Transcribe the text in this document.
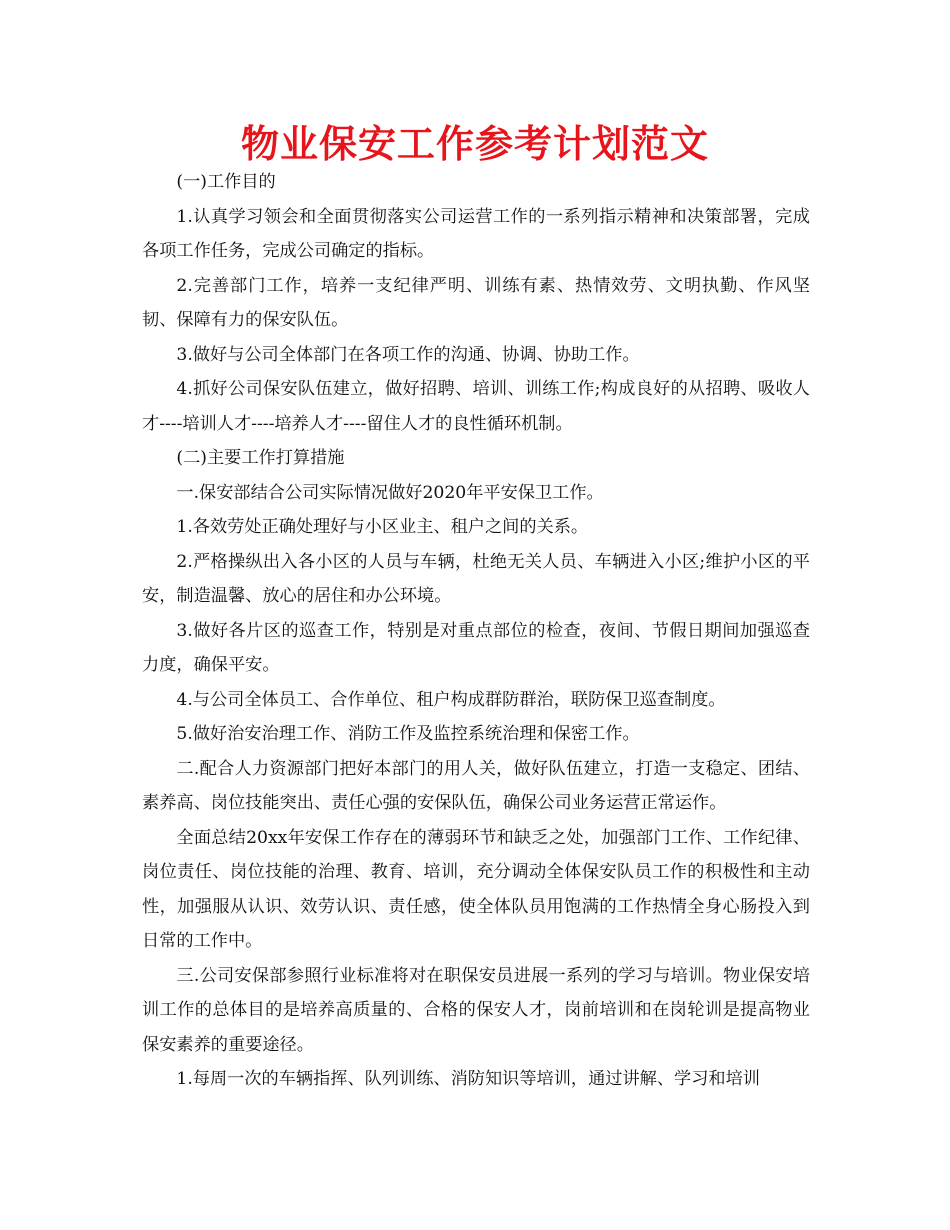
物业保安工作参考计划范文

(一)工作目的

1.认真学习领会和全面贯彻落实公司运营工作的一系列指示精神和决策部署，完成各项工作任务，完成公司确定的指标。

2.完善部门工作，培养一支纪律严明、训练有素、热情效劳、文明执勤、作风坚韧、保障有力的保安队伍。

3.做好与公司全体部门在各项工作的沟通、协调、协助工作。

4.抓好公司保安队伍建立，做好招聘、培训、训练工作;构成良好的从招聘、吸收人才----培训人才----培养人才----留住人才的良性循环机制。

(二)主要工作打算措施

一.保安部结合公司实际情况做好2020年平安保卫工作。

1.各效劳处正确处理好与小区业主、租户之间的关系。

2.严格操纵出入各小区的人员与车辆，杜绝无关人员、车辆进入小区;维护小区的平安，制造温馨、放心的居住和办公环境。

3.做好各片区的巡查工作，特别是对重点部位的检查，夜间、节假日期间加强巡查力度，确保平安。

4.与公司全体员工、合作单位、租户构成群防群治，联防保卫巡查制度。

5.做好治安治理工作、消防工作及监控系统治理和保密工作。

二.配合人力资源部门把好本部门的用人关，做好队伍建立，打造一支稳定、团结、素养高、岗位技能突出、责任心强的安保队伍，确保公司业务运营正常运作。

全面总结20xx年安保工作存在的薄弱环节和缺乏之处，加强部门工作、工作纪律、岗位责任、岗位技能的治理、教育、培训，充分调动全体保安队员工作的积极性和主动性，加强服从认识、效劳认识、责任感，使全体队员用饱满的工作热情全身心肠投入到日常的工作中。

三.公司安保部参照行业标准将对在职保安员进展一系列的学习与培训。物业保安培训工作的总体目的是培养高质量的、合格的保安人才，岗前培训和在岗轮训是提高物业保安素养的重要途径。

1.每周一次的车辆指挥、队列训练、消防知识等培训，通过讲解、学习和培训
